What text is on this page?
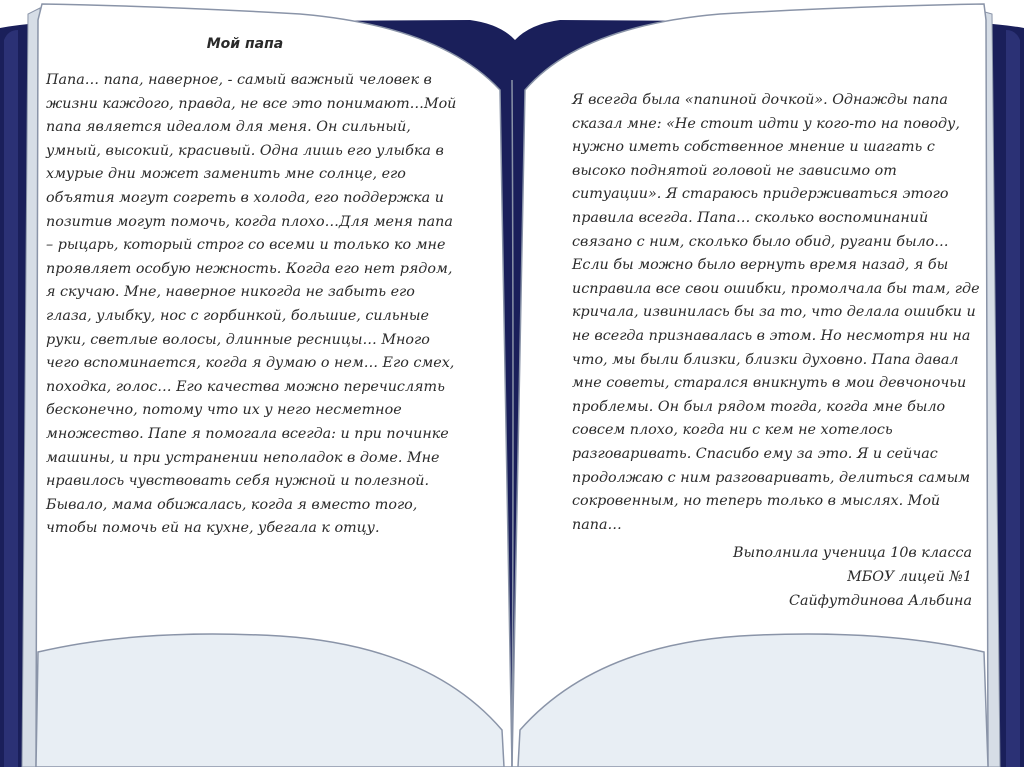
Мой папа

Папа… папа, наверное, - самый важный человек в жизни каждого, правда, не все это понимают…Мой папа является идеалом для меня. Он сильный, умный, высокий, красивый. Одна лишь его улыбка в хмурые дни может заменить мне солнце, его объятия могут согреть в холода, его поддержка и позитив могут помочь, когда плохо…Для меня папа – рыцарь, который строг со всеми и только ко мне проявляет особую нежность. Когда его нет рядом, я скучаю. Мне, наверное никогда не забыть его глаза, улыбку, нос с горбинкой, большие, сильные руки, светлые волосы, длинные ресницы… Много чего вспоминается, когда я думаю о нем… Его смех, походка, голос… Его качества можно перечислять бесконечно, потому что их у него несметное множество. Папе я помогала всегда: и при починке машины, и при устранении неполадок в доме. Мне нравилось чувствовать себя нужной и полезной. Бывало, мама обижалась, когда я вместо того, чтобы помочь ей на кухне, убегала к отцу.

Я всегда была «папиной дочкой». Однажды папа сказал мне: «Не стоит идти у кого-то на поводу, нужно иметь собственное мнение и шагать с высоко поднятой головой не зависимо от ситуации». Я стараюсь придерживаться этого правила всегда. Папа… сколько воспоминаний связано с ним, сколько было обид, ругани было… Если бы можно было вернуть время назад, я бы исправила все свои ошибки, промолчала бы там, где кричала, извинилась бы за то, что делала ошибки и не всегда признавалась в этом. Но несмотря ни на что, мы были близки, близки духовно. Папа давал мне советы, старался вникнуть в мои девчоночьи проблемы. Он был рядом тогда, когда мне было совсем плохо, когда ни с кем не хотелось разговаривать. Спасибо ему за это. Я и сейчас продолжаю с ним разговаривать, делиться самым сокровенным, но теперь только в мыслях. Мой папа…

Выполнила ученица 10в класса
МБОУ лицей №1
Сайфутдинова Альбина
